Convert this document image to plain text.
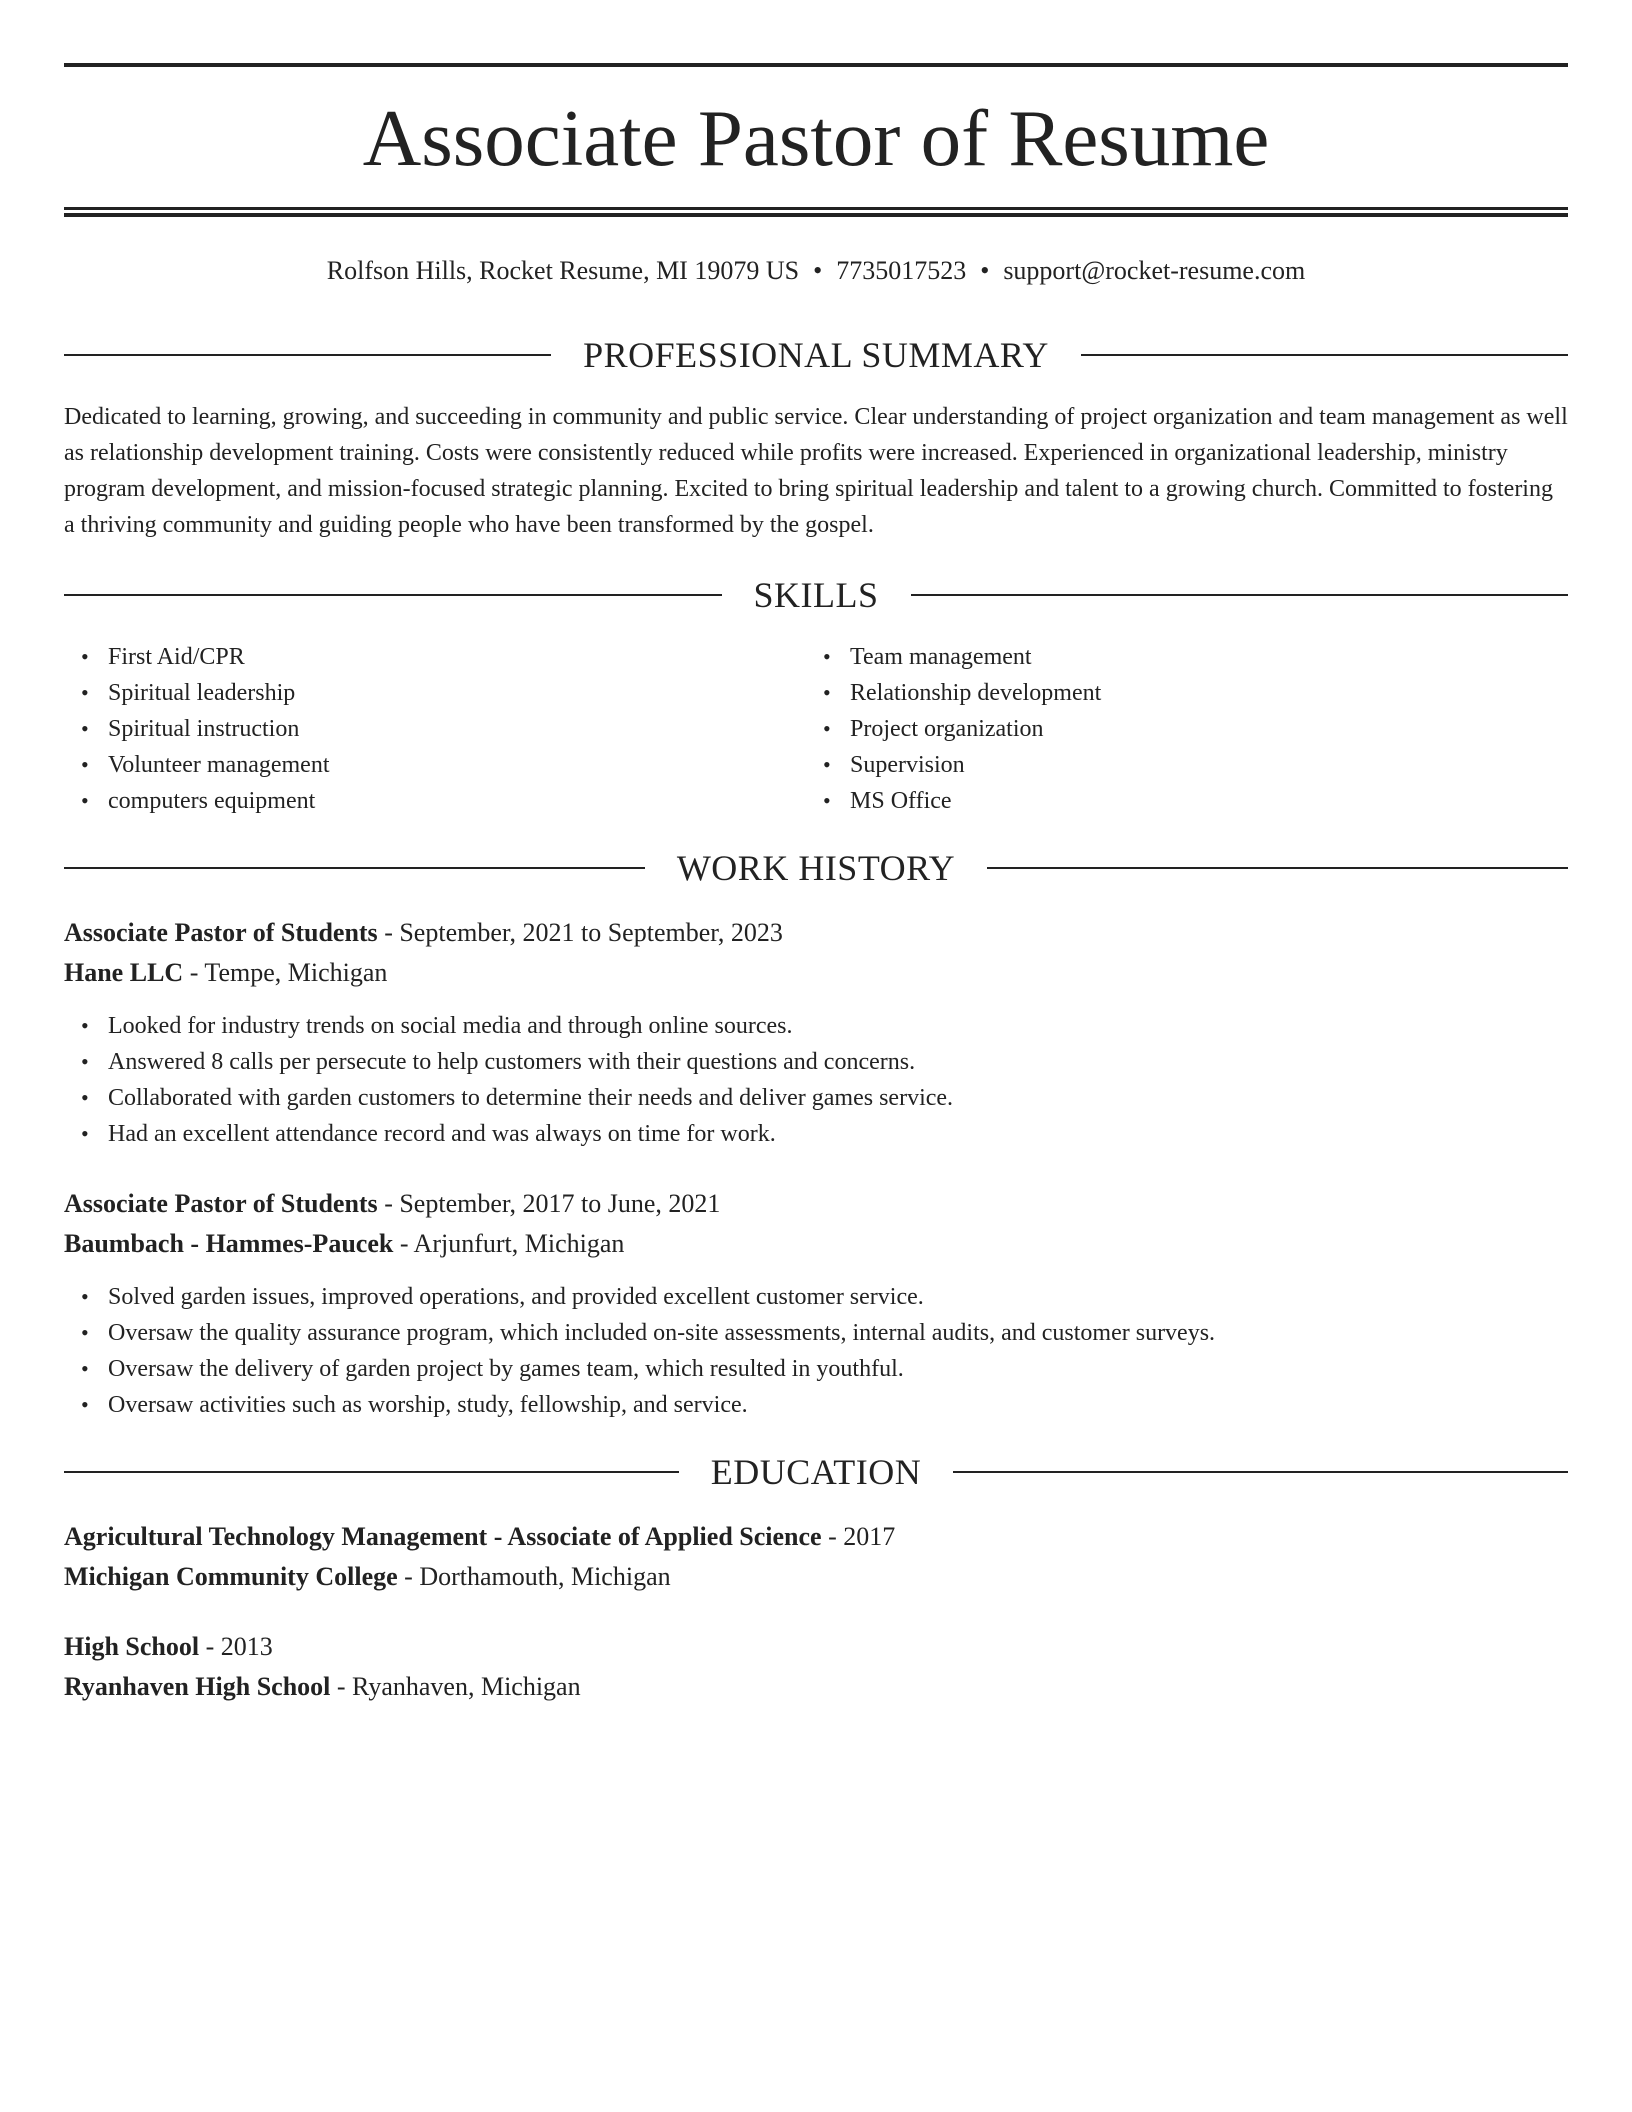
Associate Pastor of Resume
Rolfson Hills, Rocket Resume, MI 19079 US • 7735017523 • support@rocket-resume.com
PROFESSIONAL SUMMARY

Dedicated to learning, growing, and succeeding in community and public service. Clear understanding of project organization and team management as well as relationship development training. Costs were consistently reduced while profits were increased. Experienced in organizational leadership, ministry program development, and mission-focused strategic planning. Excited to bring spiritual leadership and talent to a growing church. Committed to fostering a thriving community and guiding people who have been transformed by the gospel.

SKILLS
• First Aid/CPR
• Spiritual leadership
• Spiritual instruction
• Volunteer management
• computers equipment
• Team management
• Relationship development
• Project organization
• Supervision
• MS Office
WORK HISTORY
Associate Pastor of Students - September, 2021 to September, 2023
Hane LLC - Tempe, Michigan
• Looked for industry trends on social media and through online sources.
• Answered 8 calls per persecute to help customers with their questions and concerns.
• Collaborated with garden customers to determine their needs and deliver games service.
• Had an excellent attendance record and was always on time for work.
Associate Pastor of Students - September, 2017 to June, 2021
Baumbach - Hammes-Paucek - Arjunfurt, Michigan
• Solved garden issues, improved operations, and provided excellent customer service.
• Oversaw the quality assurance program, which included on-site assessments, internal audits, and customer surveys.
• Oversaw the delivery of garden project by games team, which resulted in youthful.
• Oversaw activities such as worship, study, fellowship, and service.
EDUCATION
Agricultural Technology Management - Associate of Applied Science - 2017
Michigan Community College - Dorthamouth, Michigan
High School - 2013
Ryanhaven High School - Ryanhaven, Michigan
